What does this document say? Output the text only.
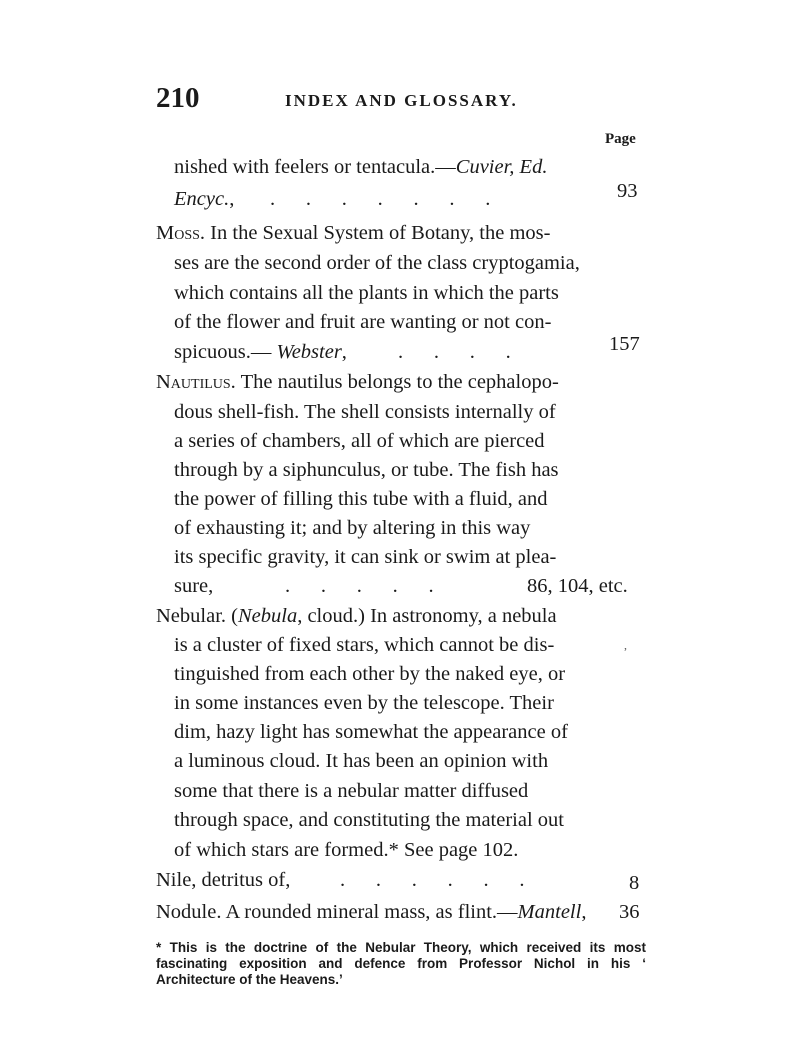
210	INDEX AND GLOSSARY.
Page
nished with feelers or tentacula.—Cuvier, Ed.
Encyc., .      .      .      .      .      .      .	93
Moss. In the Sexual System of Botany, the mos-
ses are the second order of the class cryptogamia,
which contains all the plants in which the parts
of the flower and fruit are wanting or not con-
spicuous.— Webster, .      .      .      .	157
Nautilus. The nautilus belongs to the cephalopo-
dous shell-fish. The shell consists internally of
a series of chambers, all of which are pierced
through by a siphunculus, or tube. The fish has
the power of filling this tube with a fluid, and
of exhausting it; and by altering in this way
its specific gravity, it can sink or swim at plea-
sure,	.      .      .      .      .	86, 104, etc.
Nebular. (Nebula, cloud.) In astronomy, a nebula
is a cluster of fixed stars, which cannot be dis-
tinguished from each other by the naked eye, or
in some instances even by the telescope. Their
dim, hazy light has somewhat the appearance of
a luminous cloud. It has been an opinion with
some that there is a nebular matter diffused
through space, and constituting the material out
of which stars are formed.* See page 102.
Nile, detritus of, .      .      .      .      .      .	8
Nodule. A rounded mineral mass, as flint.—Mantell, 36
,
* This is the doctrine of the Nebular Theory, which received its most fascinating exposition and defence from Professor Nichol in his ‘ Architecture of the Heavens.’
